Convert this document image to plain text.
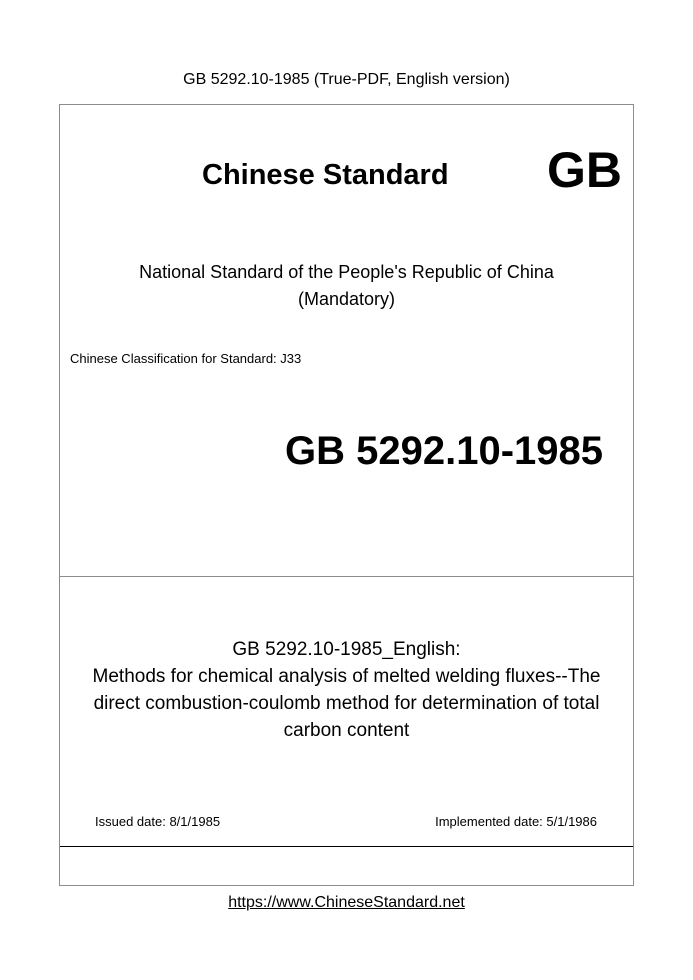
GB 5292.10-1985 (True-PDF, English version)
Chinese Standard GB
National Standard of the People's Republic of China
(Mandatory)
Chinese Classification for Standard: J33
GB 5292.10-1985
GB 5292.10-1985_English:
Methods for chemical analysis of melted welding fluxes--The
direct combustion-coulomb method for determination of total
carbon content
Issued date: 8/1/1985	Implemented date: 5/1/1986
https://www.ChineseStandard.net
